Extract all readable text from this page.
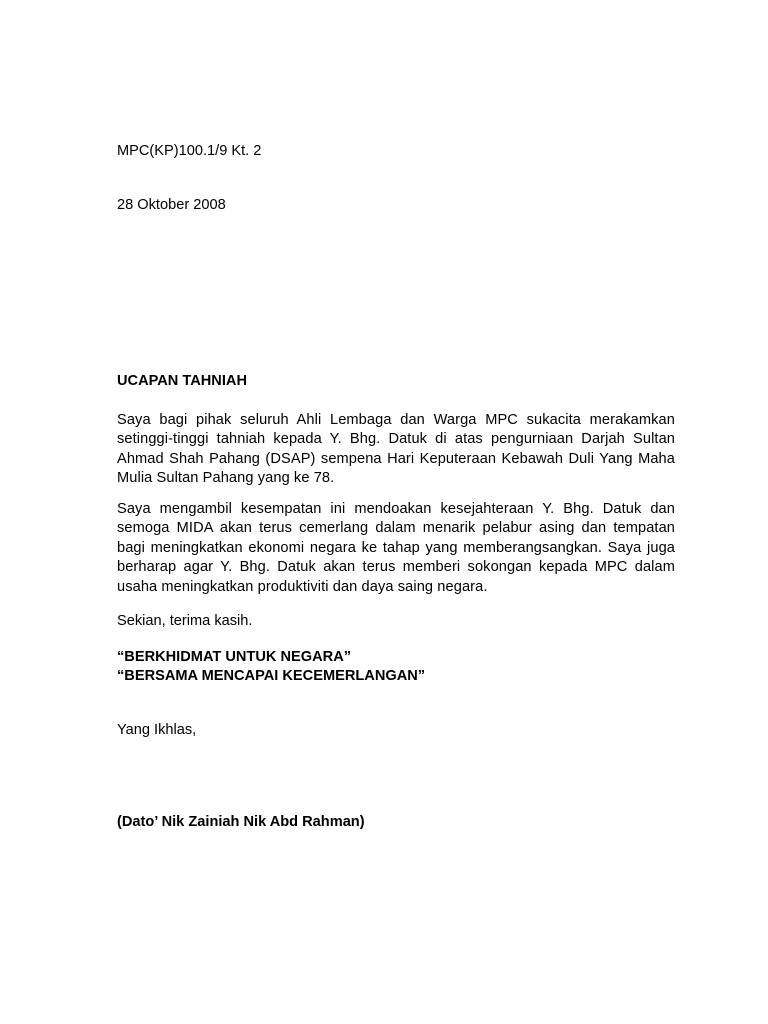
MPC(KP)100.1/9 Kt. 2

28 Oktober 2008

UCAPAN TAHNIAH

Saya bagi pihak seluruh Ahli Lembaga dan Warga MPC sukacita merakamkan setinggi-tinggi tahniah kepada Y. Bhg. Datuk di atas pengurniaan Darjah Sultan Ahmad Shah Pahang (DSAP) sempena Hari Keputeraan Kebawah Duli Yang Maha Mulia Sultan Pahang yang ke 78.

Saya mengambil kesempatan ini mendoakan kesejahteraan Y. Bhg. Datuk dan semoga MIDA akan terus cemerlang dalam menarik pelabur asing dan tempatan bagi meningkatkan ekonomi negara ke tahap yang memberangsangkan. Saya juga berharap agar Y. Bhg. Datuk akan terus memberi sokongan kepada MPC dalam usaha meningkatkan produktiviti dan daya saing negara.

Sekian, terima kasih.

“BERKHIDMAT UNTUK NEGARA”
“BERSAMA MENCAPAI KECEMERLANGAN”

Yang Ikhlas,

(Dato’ Nik Zainiah Nik Abd Rahman)
